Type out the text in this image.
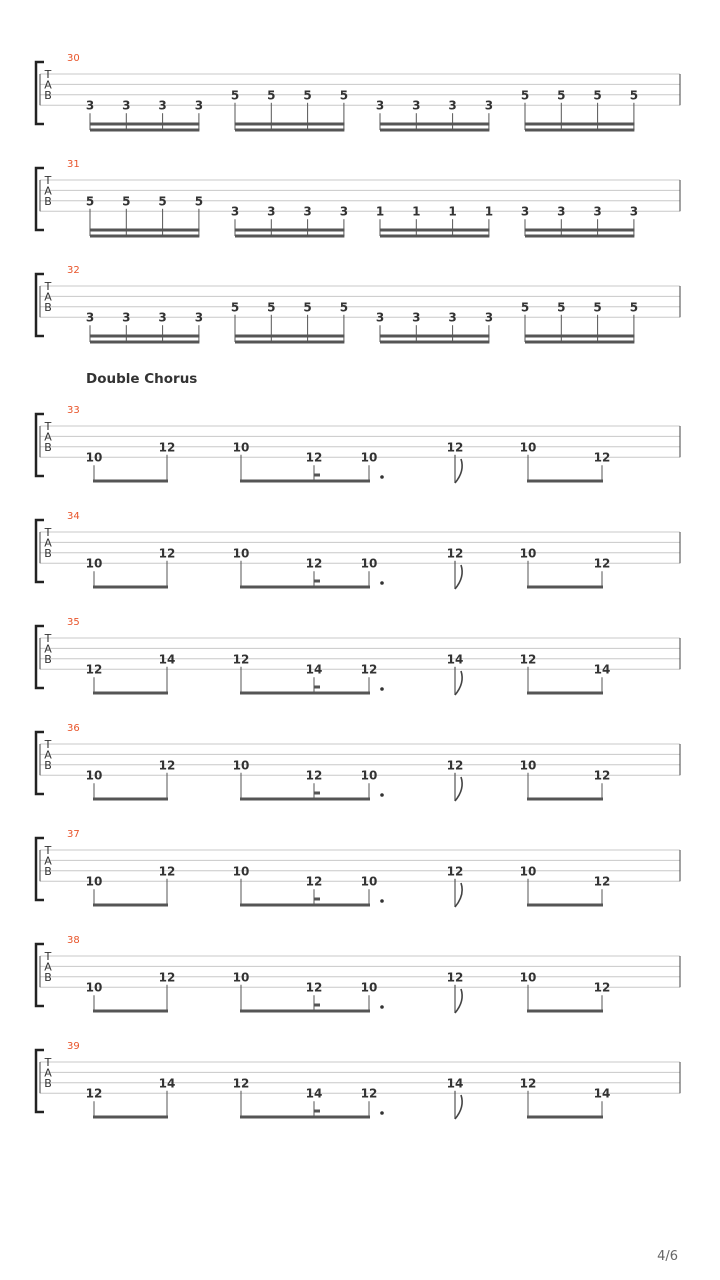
T
A
B
30
3 3 3 3
5 5 5 5
3 3 3 3
5 5 5 5
T
A
B
31
5 5 5 5
3 3 3 3 1 1 1 1 3 3 3 3
T
A
B
32
3 3 3 3
5 5 5 5
3 3 3 3
5 5 5 5
T
A
B
33
10
12	10
12	10
12	10
12
T
A
B
34
10
12	10
12	10
12	10
12
T
A
B
35
12
14	12
14	12
14	12
14
T
A
B
36
10
12	10
12	10
12	10
12
T
A
B
37
10
12	10
12	10
12	10
12
T
A
B
38
10
12	10
12	10
12	10
12
T
A
B
39
12
14	12
14	12
14	12
14
Double Chorus
4/6
